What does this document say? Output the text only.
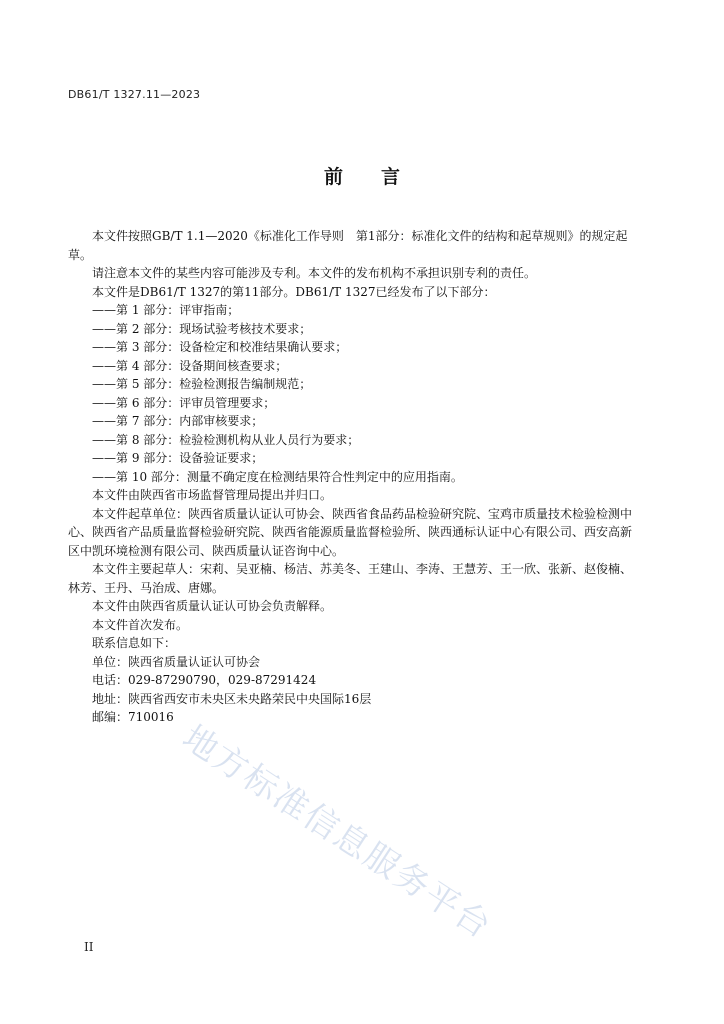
DB61/T 1327.11—2023
前 言

本文件按照GB/T 1.1—2020《标准化工作导则　第1部分：标准化文件的结构和起草规则》的规定起草。

请注意本文件的某些内容可能涉及专利。本文件的发布机构不承担识别专利的责任。

本文件是DB61/T 1327的第11部分。DB61/T 1327已经发布了以下部分：

——第 1 部分：评审指南；

——第 2 部分：现场试验考核技术要求；

——第 3 部分：设备检定和校准结果确认要求；

——第 4 部分：设备期间核查要求；

——第 5 部分：检验检测报告编制规范；

——第 6 部分：评审员管理要求；

——第 7 部分：内部审核要求；

——第 8 部分：检验检测机构从业人员行为要求；

——第 9 部分：设备验证要求；

——第 10 部分：测量不确定度在检测结果符合性判定中的应用指南。

本文件由陕西省市场监督管理局提出并归口。

本文件起草单位：陕西省质量认证认可协会、陕西省食品药品检验研究院、宝鸡市质量技术检验检测中心、陕西省产品质量监督检验研究院、陕西省能源质量监督检验所、陕西通标认证中心有限公司、西安高新区中凯环境检测有限公司、陕西质量认证咨询中心。

本文件主要起草人：宋莉、吴亚楠、杨洁、苏美冬、王建山、李涛、王慧芳、王一欣、张新、赵俊楠、林芳、王丹、马治成、唐娜。

本文件由陕西省质量认证认可协会负责解释。

本文件首次发布。

联系信息如下：

单位：陕西省质量认证认可协会

电话：029-87290790，029-87291424

地址：陕西省西安市未央区未央路荣民中央国际16层

邮编：710016

地方标准信息服务平台
II
